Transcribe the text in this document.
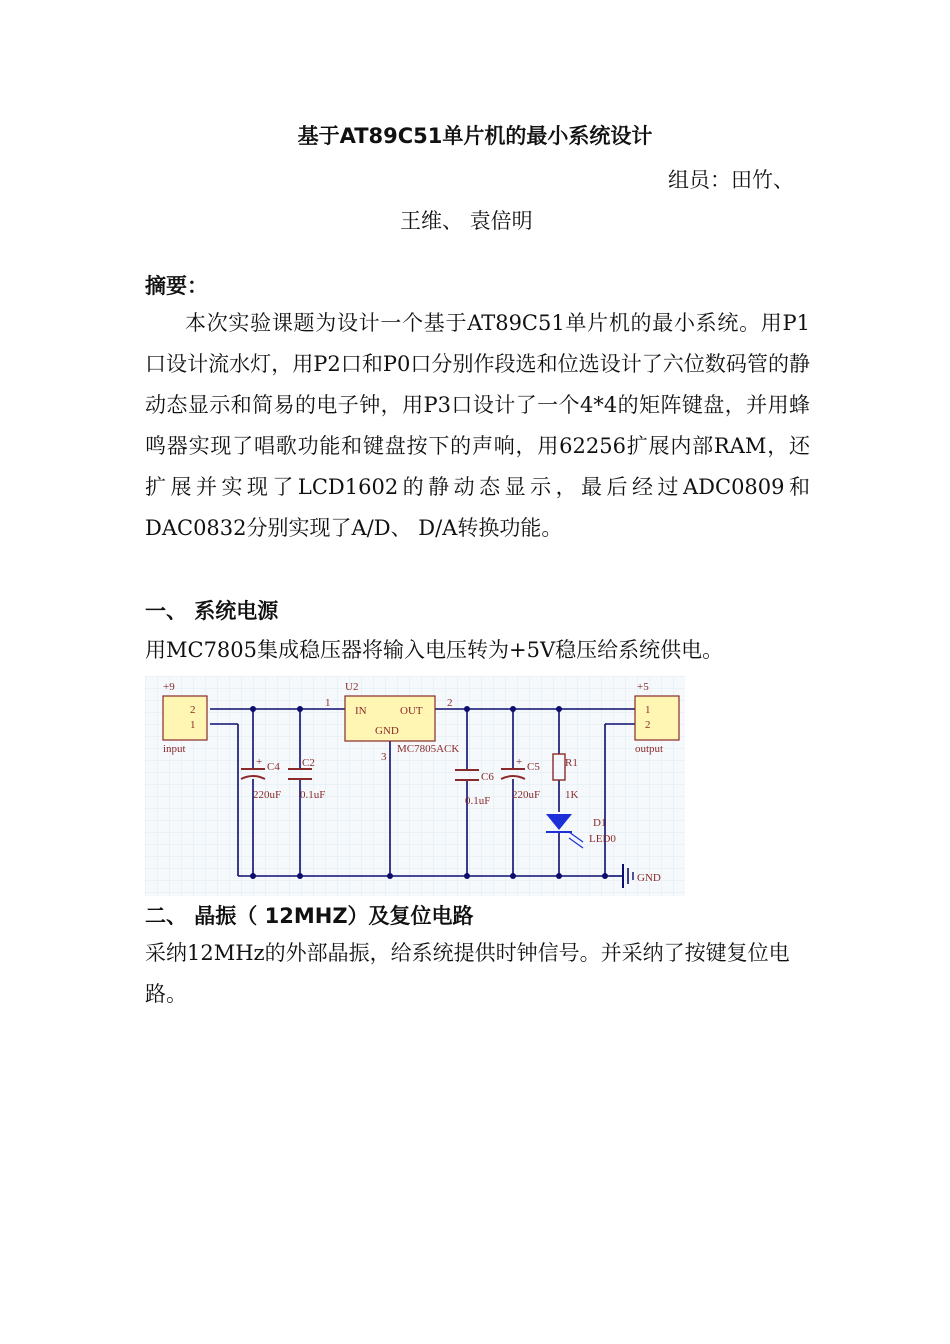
基于AT89C51单片机的最小系统设计
组员：田竹、
王维、 袁倍明
摘要：
本次实验课题为设计一个基于AT89C51单片机的最小系统。用P1口设计流水灯，用P2口和P0口分别作段选和位选设计了六位数码管的静动态显示和简易的电子钟，用P3口设计了一个4*4的矩阵键盘，并用蜂鸣器实现了唱歌功能和键盘按下的声响，用62256扩展内部RAM，还扩展并实现了LCD1602的静动态显示，最后经过ADC0809和 DAC0832分别实现了A/D、 D/A转换功能。
一、 系统电源
用MC7805集成稳压器将输入电压转为+5V稳压给系统供电。
+9
2
1
input
U2
IN	OUT
GND
MC7805ACK
1	2
3
+ C4
220uF
C2
0.1uF
C6
0.1uF
+ C5
220uF
R1
1K
D1
LED0
+5
1
2
output
GND
二、 晶振（ 12MHZ）及复位电路
采纳12MHz的外部晶振，给系统提供时钟信号。并采纳了按键复位电路。
